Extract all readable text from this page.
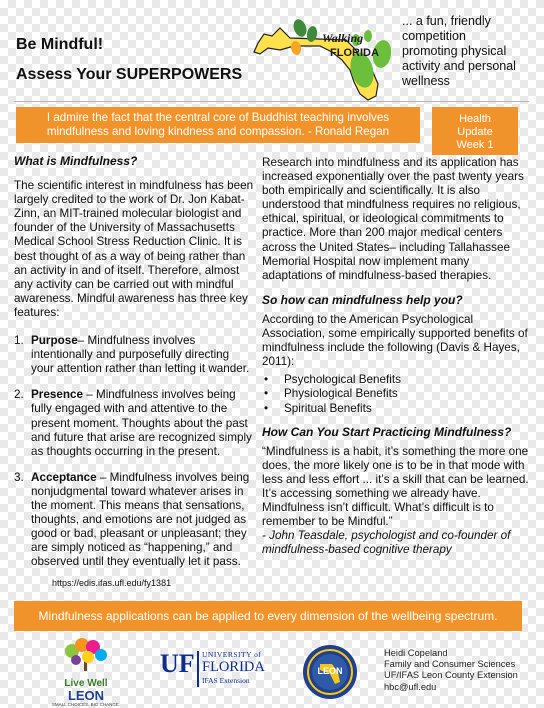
Be Mindful!
Assess Your SUPERPOWERS
Walking
FLORIDA
... a fun, friendly
competition
promoting physical
activity and personal
wellness
I admire the fact that the central core of Buddhist teaching involves
mindfulness and loving kindness and compassion. - Ronald Regan
Health
Update
Week 1

What is Mindfulness?

The scientific interest in mindfulness has been largely credited to the work of Dr. Jon Kabat-Zinn, an MIT-trained molecular biologist and founder of the University of Massachusetts Medical School Stress Reduction Clinic. It is best thought of as a way of being rather than an activity in and of itself. Therefore, almost any activity can be carried out with mindful awareness. Mindful awareness has three key features:

1. Purpose– Mindfulness involves intentionally and purposefully directing your attention rather than letting it wander.
2. Presence – Mindfulness involves being fully engaged with and attentive to the present moment. Thoughts about the past and future that arise are recognized simply as thoughts occurring in the present.
3. Acceptance – Mindfulness involves being nonjudgmental toward whatever arises in the moment. This means that sensations, thoughts, and emotions are not judged as good or bad, pleasant or unpleasant; they are simply noticed as “happening,” and observed until they eventually let it pass.
https://edis.ifas.ufl.edu/fy1381

Research into mindfulness and its application has increased exponentially over the past twenty years both empirically and scientifically. It is also understood that mindfulness requires no religious, ethical, spiritual, or ideological commitments to practice. More than 200 major medical centers across the United States– including Tallahassee Memorial Hospital now implement many adaptations of mindfulness-based therapies.

So how can mindfulness help you?

According to the American Psychological Association, some empirically supported benefits of mindfulness include the following (Davis & Hayes, 2011):

• Psychological Benefits
• Physiological Benefits
• Spiritual Benefits

How Can You Start Practicing Mindfulness?

“Mindfulness is a habit, it’s something the more one does, the more likely one is to be in that mode with less and less effort ... it’s a skill that can be learned. It’s accessing something we already have. Mindfulness isn’t difficult. What’s difficult is to remember to be Mindful.”

- John Teasdale, psychologist and co-founder of mindfulness-based cognitive therapy

Mindfulness applications can be applied to every dimension of the wellbeing spectrum.
Live Well
LEON
SMALL CHOICES. BIG CHANGE.
UF UNIVERSITY of
FLORIDA
IFAS Extension
LEON
Heidi Copeland
Family and Consumer Sciences
UF/IFAS Leon County Extension
hbc@ufl.edu
